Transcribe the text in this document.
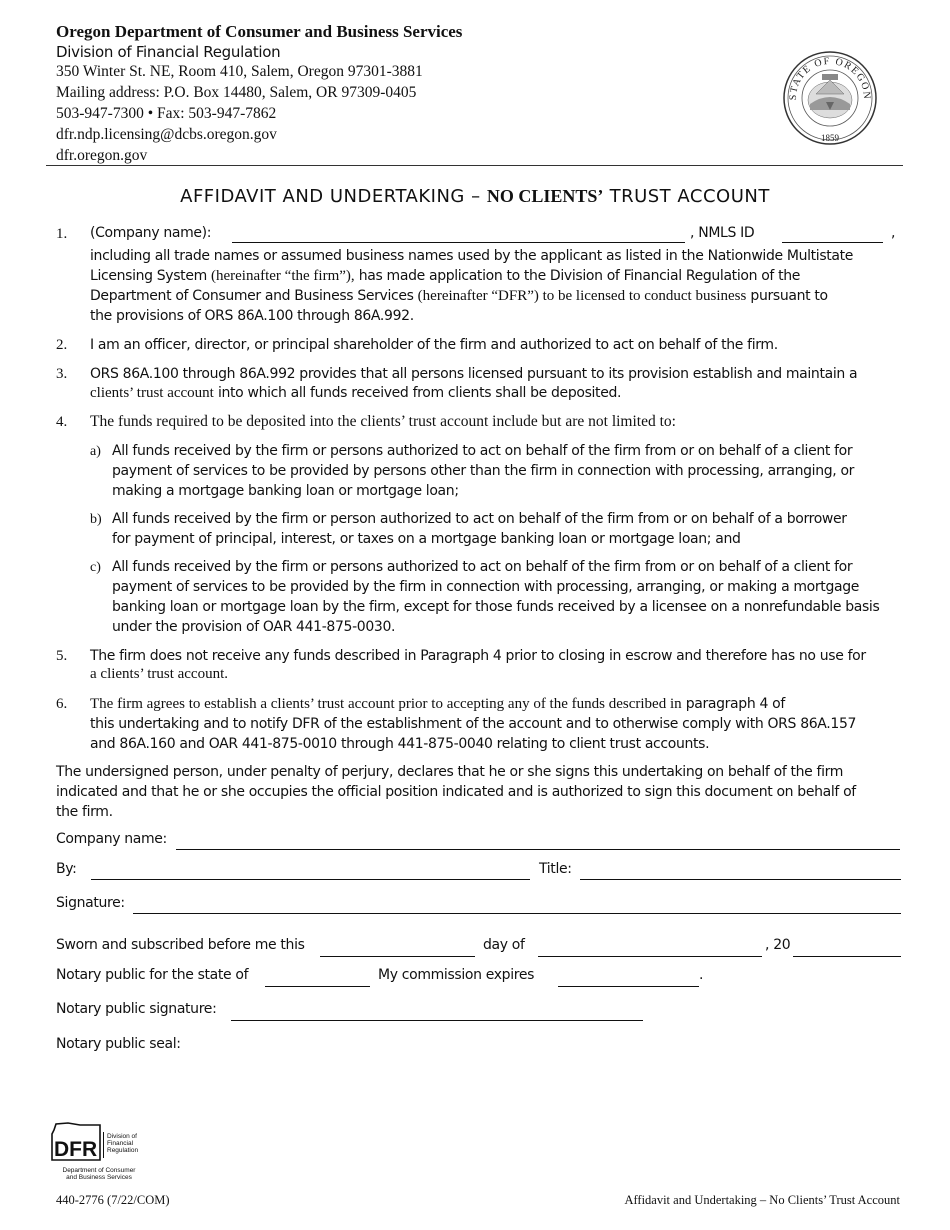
Oregon Department of Consumer and Business Services
Division of Financial Regulation
350 Winter St. NE, Room 410, Salem, Oregon 97301-3881
Mailing address: P.O. Box 14480, Salem, OR 97309-0405
503-947-7300 • Fax: 503-947-7862
dfr.ndp.licensing@dcbs.oregon.gov
dfr.oregon.gov
STATE OF OREGON
1859
AFFIDAVIT AND UNDERTAKING – NO CLIENTS’ TRUST ACCOUNT
1. (Company name):	, NMLS ID	,
including all trade names or assumed business names used by the applicant as listed in the Nationwide Multistate
Licensing System (hereinafter “the firm”), has made application to the Division of Financial Regulation of the
Department of Consumer and Business Services (hereinafter “DFR”) to be licensed to conduct business pursuant to
the provisions of ORS 86A.100 through 86A.992.
2. I am an officer, director, or principal shareholder of the firm and authorized to act on behalf of the firm.
3. ORS 86A.100 through 86A.992 provides that all persons licensed pursuant to its provision establish and maintain a
clients’ trust account into which all funds received from clients shall be deposited.
4. The funds required to be deposited into the clients’ trust account include but are not limited to:
a) All funds received by the firm or persons authorized to act on behalf of the firm from or on behalf of a client for
payment of services to be provided by persons other than the firm in connection with processing, arranging, or
making a mortgage banking loan or mortgage loan;
b) All funds received by the firm or person authorized to act on behalf of the firm from or on behalf of a borrower
for payment of principal, interest, or taxes on a mortgage banking loan or mortgage loan; and
c) All funds received by the firm or persons authorized to act on behalf of the firm from or on behalf of a client for
payment of services to be provided by the firm in connection with processing, arranging, or making a mortgage
banking loan or mortgage loan by the firm, except for those funds received by a licensee on a nonrefundable basis
under the provision of OAR 441-875-0030.
5. The firm does not receive any funds described in Paragraph 4 prior to closing in escrow and therefore has no use for
a clients’ trust account.
6. The firm agrees to establish a clients’ trust account prior to accepting any of the funds described in paragraph 4 of
this undertaking and to notify DFR of the establishment of the account and to otherwise comply with ORS 86A.157
and 86A.160 and OAR 441-875-0010 through 441-875-0040 relating to client trust accounts.
The undersigned person, under penalty of perjury, declares that he or she signs this undertaking on behalf of the firm
indicated and that he or she occupies the official position indicated and is authorized to sign this document on behalf of
the firm.
Company name:
By:	Title:
Signature:
Sworn and subscribed before me this	day of	, 20
Notary public for the state of	My commission expires	.
Notary public signature:
Notary public seal:
DFR
Division of
Financial
Regulation
Department of Consumer
and Business Services
440-2776 (7/22/COM)	Affidavit and Undertaking – No Clients’ Trust Account
